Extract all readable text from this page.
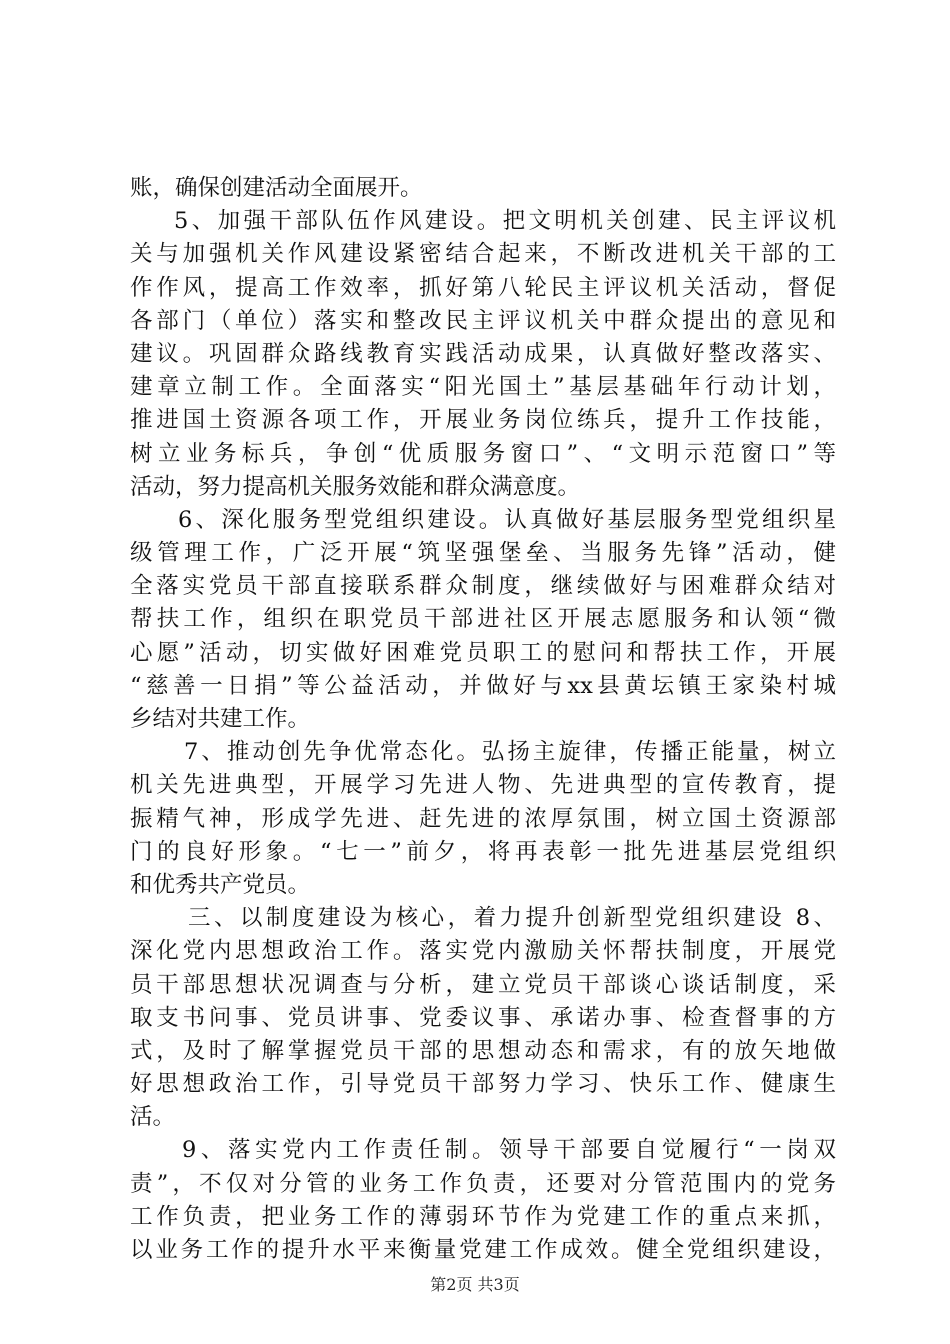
账，确保创建活动全面展开。
5、加强干部队伍作风建设。把文明机关创建、民主评议机
关与加强机关作风建设紧密结合起来，不断改进机关干部的工
作作风，提高工作效率，抓好第八轮民主评议机关活动，督促
各部门（单位）落实和整改民主评议机关中群众提出的意见和
建议。巩固群众路线教育实践活动成果，认真做好整改落实、
建章立制工作。全面落实“阳光国土”基层基础年行动计划，
推进国土资源各项工作，开展业务岗位练兵，提升工作技能，
树立业务标兵，争创“优质服务窗口”、“文明示范窗口”等
活动，努力提高机关服务效能和群众满意度。
6、深化服务型党组织建设。认真做好基层服务型党组织星
级管理工作，广泛开展“筑坚强堡垒、当服务先锋”活动，健
全落实党员干部直接联系群众制度，继续做好与困难群众结对
帮扶工作，组织在职党员干部进社区开展志愿服务和认领“微
心愿”活动，切实做好困难党员职工的慰问和帮扶工作，开展
“慈善一日捐”等公益活动，并做好与xx县黄坛镇王家染村城
乡结对共建工作。
7、推动创先争优常态化。弘扬主旋律，传播正能量，树立
机关先进典型，开展学习先进人物、先进典型的宣传教育，提
振精气神，形成学先进、赶先进的浓厚氛围，树立国土资源部
门的良好形象。“七一”前夕，将再表彰一批先进基层党组织
和优秀共产党员。
三、以制度建设为核心，着力提升创新型党组织建设 8、
深化党内思想政治工作。落实党内激励关怀帮扶制度，开展党
员干部思想状况调查与分析，建立党员干部谈心谈话制度，采
取支书问事、党员讲事、党委议事、承诺办事、检查督事的方
式，及时了解掌握党员干部的思想动态和需求，有的放矢地做
好思想政治工作，引导党员干部努力学习、快乐工作、健康生
活。
9、落实党内工作责任制。领导干部要自觉履行“一岗双
责”，不仅对分管的业务工作负责，还要对分管范围内的党务
工作负责，把业务工作的薄弱环节作为党建工作的重点来抓，
以业务工作的提升水平来衡量党建工作成效。健全党组织建设，
第2页 共3页
